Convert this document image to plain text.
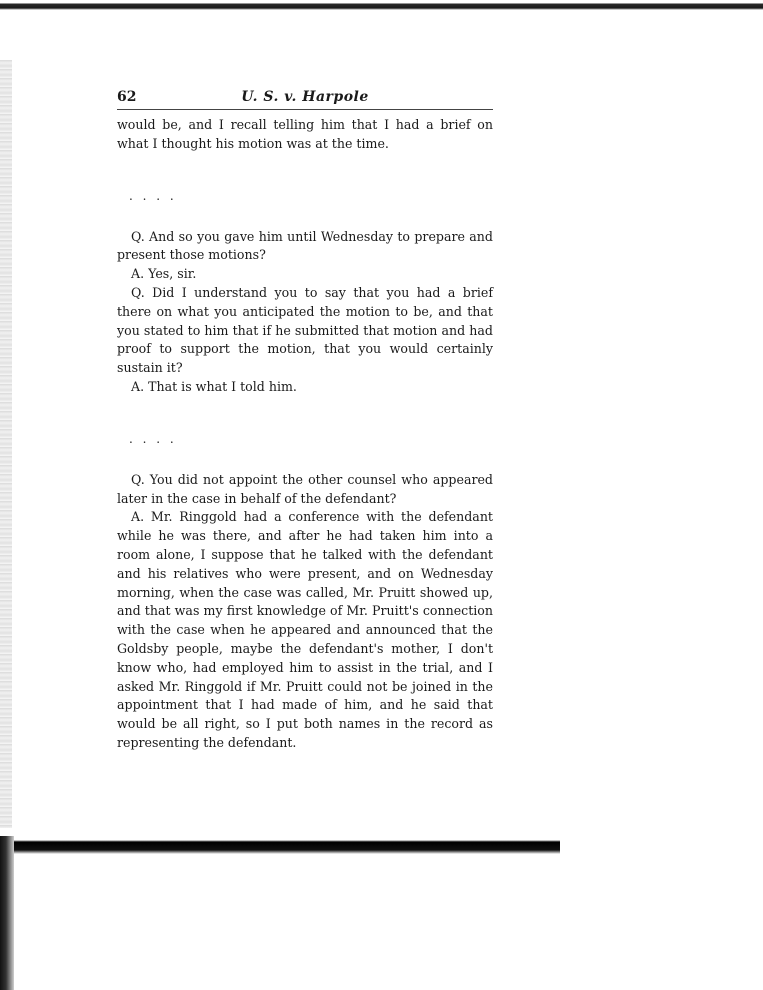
62	U. S. v. Harpole

would be, and I recall telling him that I had a brief on what I thought his motion was at the time.

. . . .

Q. And so you gave him until Wednesday to prepare and present those motions?

A. Yes, sir.

Q. Did I understand you to say that you had a brief there on what you anticipated the motion to be, and that you stated to him that if he submitted that motion and had proof to support the motion, that you would certainly sustain it?

A. That is what I told him.

. . . .

Q. You did not appoint the other counsel who appeared later in the case in behalf of the defendant?

A. Mr. Ringgold had a conference with the defendant while he was there, and after he had taken him into a room alone, I suppose that he talked with the defendant and his relatives who were present, and on Wednesday morning, when the case was called, Mr. Pruitt showed up, and that was my first knowledge of Mr. Pruitt's connection with the case when he appeared and announced that the Goldsby people, maybe the defendant's mother, I don't know who, had employed him to assist in the trial, and I asked Mr. Ringgold if Mr. Pruitt could not be joined in the appointment that I had made of him, and he said that would be all right, so I put both names in the record as representing the defendant.
